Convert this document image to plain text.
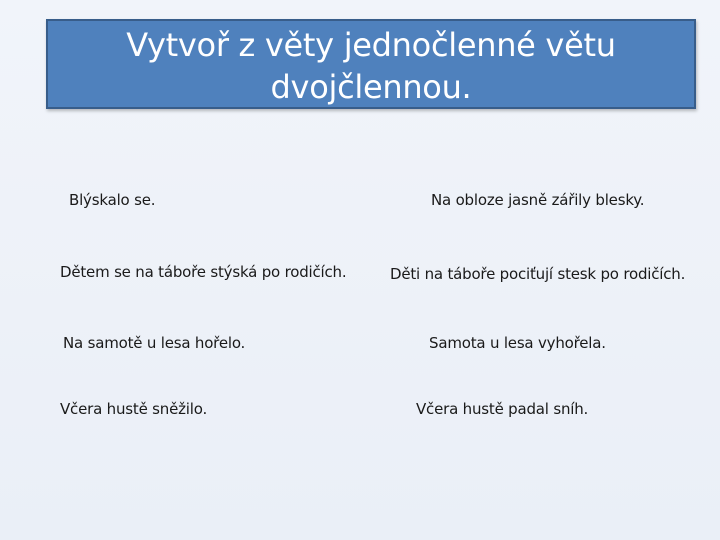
Vytvoř z věty jednočlenné větu dvojčlennou.
Blýskalo se.	Na obloze jasně zářily blesky.
Dětem se na táboře stýská po rodičích.	Děti na táboře pociťují stesk po rodičích.
Na samotě u lesa hořelo.	Samota u lesa vyhořela.
Včera hustě sněžilo.	Včera hustě padal sníh.
